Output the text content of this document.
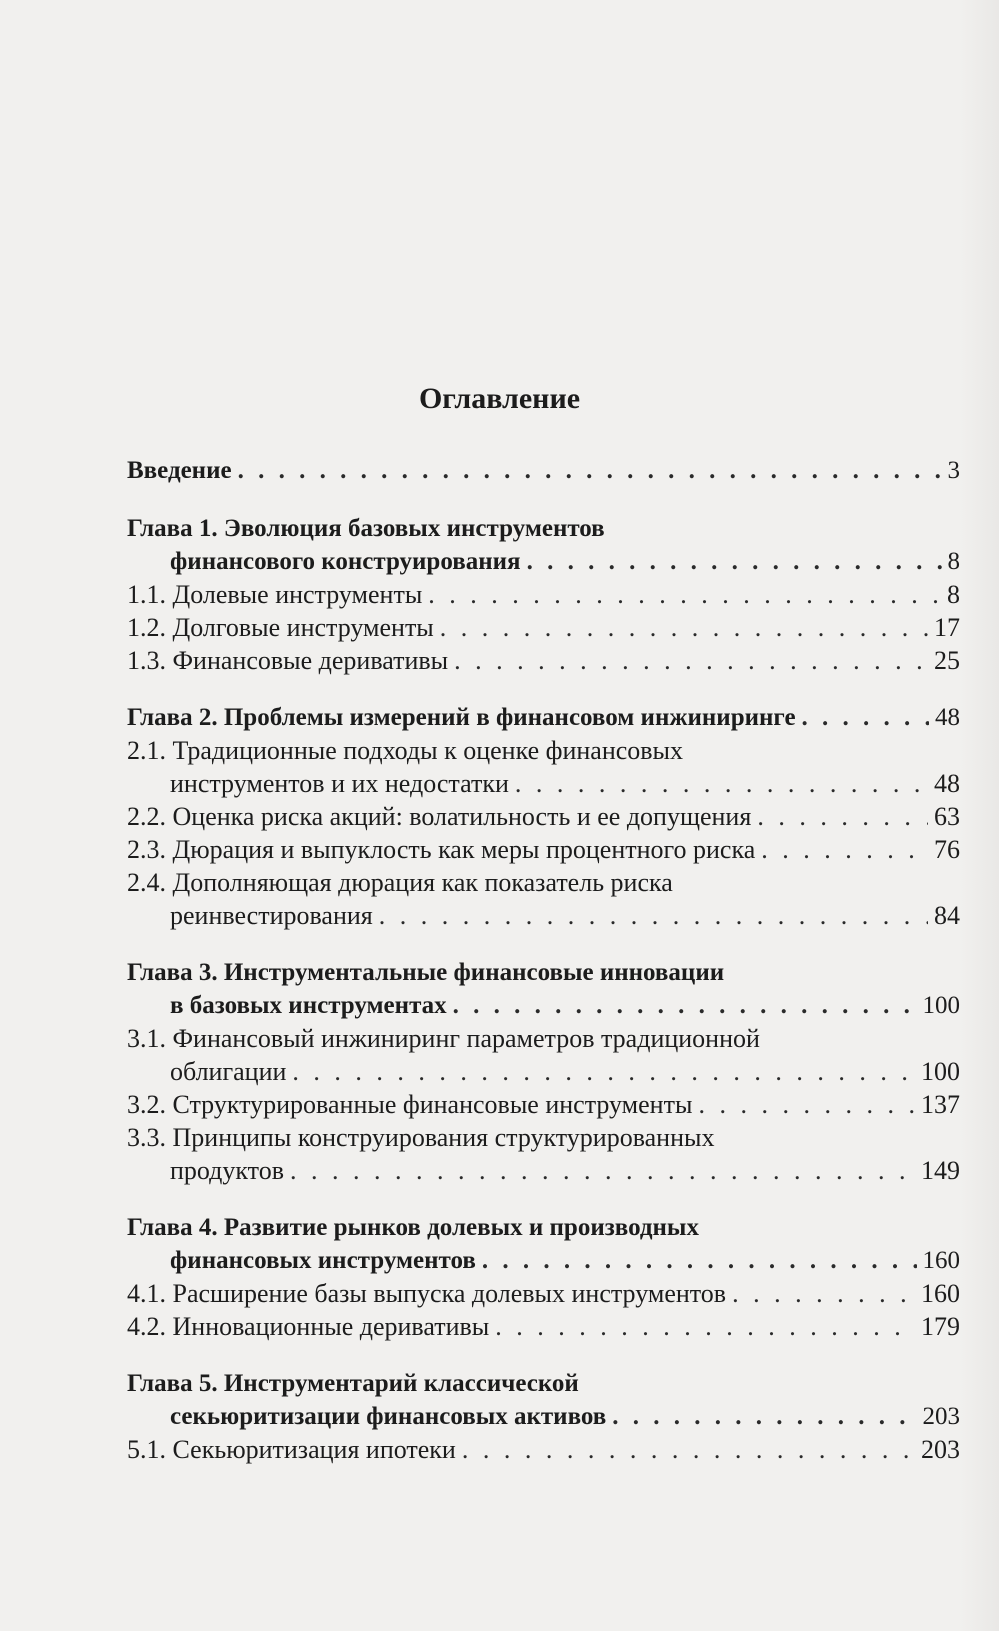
Оглавление
Введение . . .	3
Глава 1. Эволюция базовых инструментов
финансового конструирования . . .	8
1.1. Долевые инструменты . . .	8
1.2. Долговые инструменты . . .	17
1.3. Финансовые деривативы . . .	25
Глава 2. Проблемы измерений в финансовом инжиниринге . . .	48
2.1. Традиционные подходы к оценке финансовых
инструментов и их недостатки . . .	48
2.2. Оценка риска акций: волатильность и ее допущения . . .	63
2.3. Дюрация и выпуклость как меры процентного риска . . .	76
2.4. Дополняющая дюрация как показатель риска
реинвестирования . . .	84
Глава 3. Инструментальные финансовые инновации
в базовых инструментах . . .	100
3.1. Финансовый инжиниринг параметров традиционной
облигации . . .	100
3.2. Структурированные финансовые инструменты . . .	137
3.3. Принципы конструирования структурированных
продуктов . . .	149
Глава 4. Развитие рынков долевых и производных
финансовых инструментов . . .	160
4.1. Расширение базы выпуска долевых инструментов . . .	160
4.2. Инновационные деривативы . . .	179
Глава 5. Инструментарий классической
секьюритизации финансовых активов . . .	203
5.1. Секьюритизация ипотеки . . .	203
